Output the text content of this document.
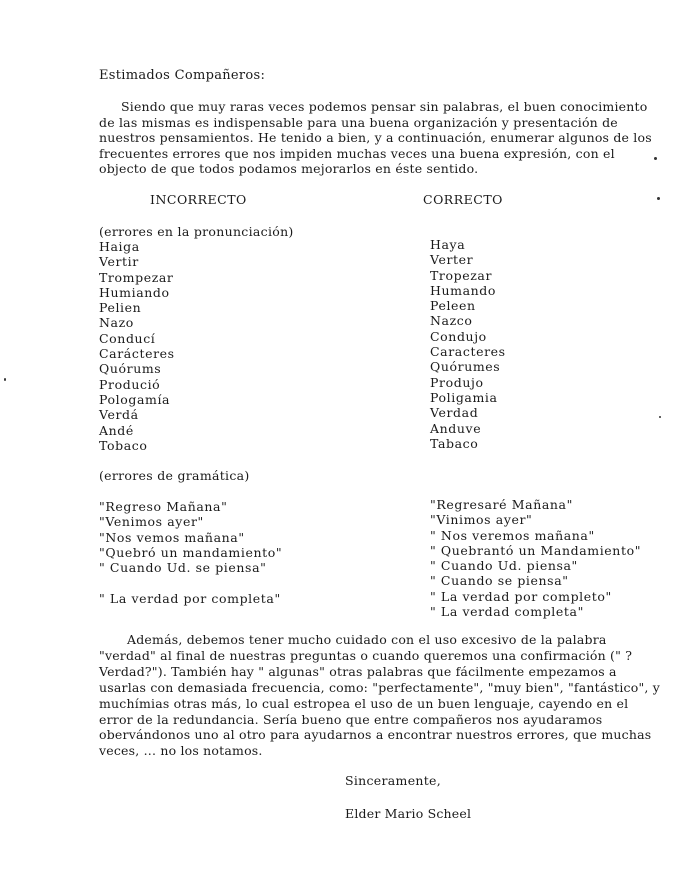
Estimados Compañeros:
Siendo que muy raras veces podemos pensar sin palabras, el buen conocimiento de las mismas es indispensable para una buena organización y presentación de nuestros pensamientos. He tenido a bien, y a continuación, enumerar algunos de los frecuentes errores que nos impiden muchas veces una buena expresión, con el objecto de que todos podamos mejorarlos en éste sentido.
INCORRECTO	CORRECTO
(errores en la pronunciación)
Haiga
Vertir
Trompezar
Humiando
Pelien
Nazo
Conducí
Carácteres
Quórums
Produció
Pologamía
Verdá
Andé
Tobaco
Haya
Verter
Tropezar
Humando
Peleen
Nazco
Condujo
Caracteres
Quórumes
Produjo
Poligamia
Verdad
Anduve
Tabaco
(errores de gramática)
"Regreso Mañana"
"Venimos ayer"
"Nos vemos mañana"
"Quebró un mandamiento"
" Cuando Ud. se piensa"
" La verdad por completa"
"Regresaré Mañana"
"Vinimos ayer"
" Nos veremos mañana"
" Quebrantó un Mandamiento"
" Cuando Ud. piensa"
" Cuando se piensa"
" La verdad por completo"
" La verdad completa"
Además, debemos tener mucho cuidado con el uso excesivo de la palabra "verdad" al final de nuestras preguntas o cuando queremos una confirmación (" ?Verdad?"). También hay " algunas" otras palabras que fácilmente empezamos a usarlas con demasiada frecuencia, como: "perfectamente", "muy bien", "fantástico", y muchímias otras más, lo cual estropea el uso de un buen lenguaje, cayendo en el error de la redundancia. Sería bueno que entre compañeros nos ayudaramos obervándonos uno al otro para ayudarnos a encontrar nuestros errores, que muchas veces, ... no los notamos.
Sinceramente,
Elder Mario Scheel
